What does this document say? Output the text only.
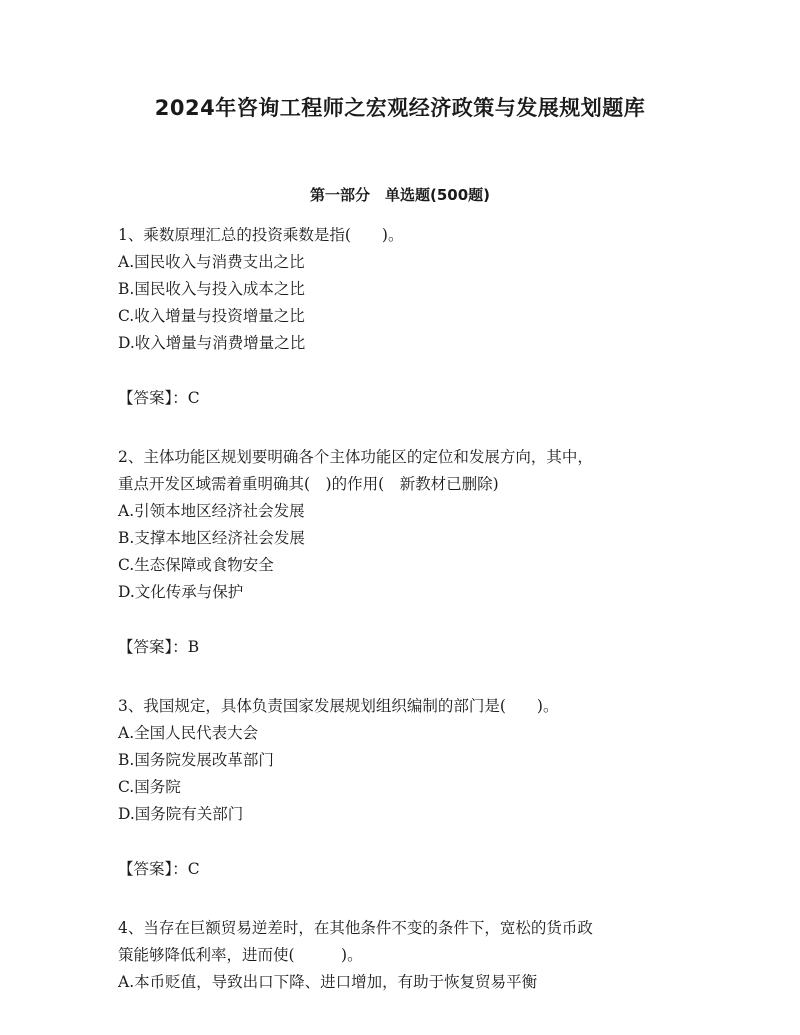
2024年咨询工程师之宏观经济政策与发展规划题库
第一部分　单选题(500题)
1、乘数原理汇总的投资乘数是指(　　)。
A.国民收入与消费支出之比
B.国民收入与投入成本之比
C.收入增量与投资增量之比
D.收入增量与消费增量之比
【答案】：C
2、主体功能区规划要明确各个主体功能区的定位和发展方向，其中，
重点开发区域需着重明确其(　)的作用(　新教材已删除)
A.引领本地区经济社会发展
B.支撑本地区经济社会发展
C.生态保障或食物安全
D.文化传承与保护
【答案】：B
3、我国规定，具体负责国家发展规划组织编制的部门是(　　)。
A.全国人民代表大会
B.国务院发展改革部门
C.国务院
D.国务院有关部门
【答案】：C
4、当存在巨额贸易逆差时，在其他条件不变的条件下，宽松的货币政
策能够降低利率，进而使(　　　)。
A.本币贬值，导致出口下降、进口增加，有助于恢复贸易平衡
